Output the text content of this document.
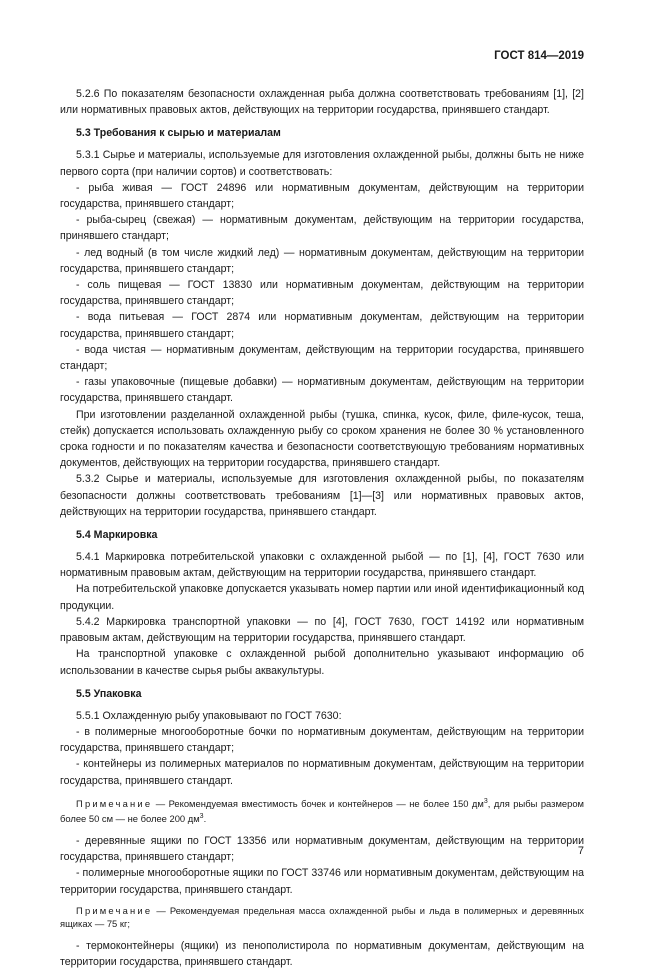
ГОСТ 814—2019

5.2.6 По показателям безопасности охлажденная рыба должна соответствовать требованиям [1], [2] или нормативных правовых актов, действующих на территории государства, принявшего стандарт.

5.3 Требования к сырью и материалам

5.3.1 Сырье и материалы, используемые для изготовления охлажденной рыбы, должны быть не ниже первого сорта (при наличии сортов) и соответствовать:

- рыба живая — ГОСТ 24896 или нормативным документам, действующим на территории государства, принявшего стандарт;

- рыба-сырец (свежая) — нормативным документам, действующим на территории государства, принявшего стандарт;

- лед водный (в том числе жидкий лед) — нормативным документам, действующим на территории государства, принявшего стандарт;

- соль пищевая — ГОСТ 13830 или нормативным документам, действующим на территории государства, принявшего стандарт;

- вода питьевая — ГОСТ 2874 или нормативным документам, действующим на территории государства, принявшего стандарт;

- вода чистая — нормативным документам, действующим на территории государства, принявшего стандарт;

- газы упаковочные (пищевые добавки) — нормативным документам, действующим на территории государства, принявшего стандарт.

При изготовлении разделанной охлажденной рыбы (тушка, спинка, кусок, филе, филе-кусок, теша, стейк) допускается использовать охлажденную рыбу со сроком хранения не более 30 % установленного срока годности и по показателям качества и безопасности соответствующую требованиям нормативных документов, действующих на территории государства, принявшего стандарт.

5.3.2 Сырье и материалы, используемые для изготовления охлажденной рыбы, по показателям безопасности должны соответствовать требованиям [1]—[3] или нормативных правовых актов, действующих на территории государства, принявшего стандарт.

5.4 Маркировка

5.4.1 Маркировка потребительской упаковки с охлажденной рыбой — по [1], [4], ГОСТ 7630 или нормативным правовым актам, действующим на территории государства, принявшего стандарт.

На потребительской упаковке допускается указывать номер партии или иной идентификационный код продукции.

5.4.2 Маркировка транспортной упаковки — по [4], ГОСТ 7630, ГОСТ 14192 или нормативным правовым актам, действующим на территории государства, принявшего стандарт.

На транспортной упаковке с охлажденной рыбой дополнительно указывают информацию об использовании в качестве сырья рыбы аквакультуры.

5.5 Упаковка

5.5.1 Охлажденную рыбу упаковывают по ГОСТ 7630:

- в полимерные многооборотные бочки по нормативным документам, действующим на территории государства, принявшего стандарт;

- контейнеры из полимерных материалов по нормативным документам, действующим на территории государства, принявшего стандарт.

Примечание — Рекомендуемая вместимость бочек и контейнеров — не более 150 $дм^3$, для рыбы размером более 50 см — не более 200 $дм^3$.

- деревянные ящики по ГОСТ 13356 или нормативным документам, действующим на территории государства, принявшего стандарт;

- полимерные многооборотные ящики по ГОСТ 33746 или нормативным документам, действующим на территории государства, принявшего стандарт.

Примечание — Рекомендуемая предельная масса охлажденной рыбы и льда в полимерных и деревянных ящиках — 75 кг;

- термоконтейнеры (ящики) из пенополистирола по нормативным документам, действующим на территории государства, принявшего стандарт.

7
